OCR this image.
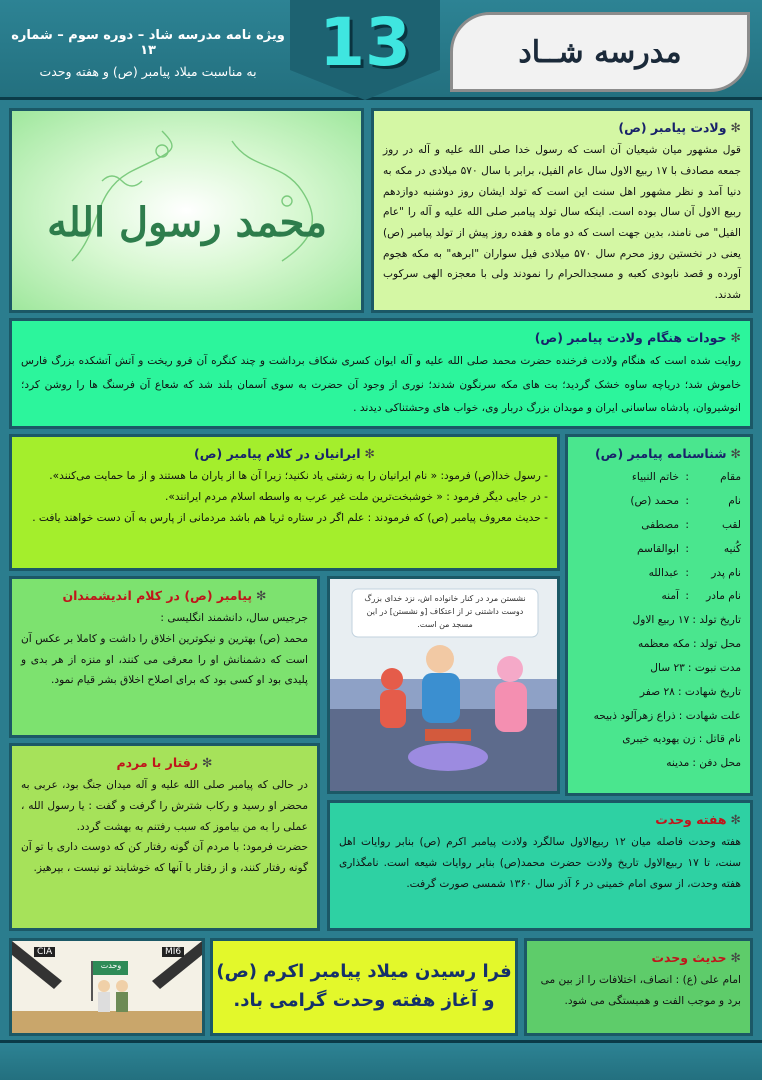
مدرسه شــاد
13
ویژه نامه مدرسه شاد – دوره سوم – شماره ۱۳
به مناسبت میلاد پیامبر (ص) و هفته وحدت
✻ولادت پیامبر (ص)
قول مشهور میان شیعیان آن است که رسول خدا صلی الله علیه و آله در روز جمعه مصادف با ۱۷ ربیع الاول سال عام الفیل، برابر با سال ۵۷۰ میلادی در مکه به دنیا آمد و نظر مشهور اهل سنت این است که تولد ایشان روز دوشنبه دوازدهم ربیع الاول آن سال بوده است. اینکه سال تولد پیامبر صلی الله علیه و آله را "عام الفیل" می نامند، بدین جهت است که دو ماه و هفده روز پیش از تولد پیامبر (ص) یعنی در نخستین روز محرم سال ۵۷۰ میلادی فیل سواران "ابرهه" به مکه هجوم آورده و قصد نابودی کعبه و مسجدالحرام را نمودند ولی با معجزه الهی سرکوب شدند.
محمد رسول الله
✻حودات هنگام ولادت پیامبر (ص)
روایت شده است که هنگام ولادت فرخنده حضرت محمد صلی الله علیه و آله ایوان کسری شکاف برداشت و چند کنگره آن فرو ریخت و آتش آتشکده بزرگ فارس خاموش شد؛ دریاچه ساوه خشک گردید؛ بت های مکه سرنگون شدند؛ نوری از وجود آن حضرت به سوی آسمان بلند شد که شعاع آن فرسنگ ها را روشن کرد؛ انوشیروان، پادشاه ساسانی ایران و موبدان بزرگ دربار وی، خواب های وحشتناکی دیدند .
✻ایرانیان در کلام پیامبر (ص)
- رسول خدا(ص) فرمود: « نام ایرانیان را به زشتی یاد نکنید؛ زیرا آن ها از یاران ما هستند و از ما حمایت می‌کنند».
- در جایی دیگر فرمود : « خوشبخت‌ترین ملت غیر عرب به واسطه اسلام مردم ایرانند».
- حدیث معروف پیامبر (ص) که فرمودند : علم اگر در ستاره ثریا هم باشد مردمانی از پارس به آن دست خواهند یافت .
✻شناسنامه پیامبر (ص)
مقام
:
خاتم النبیاء
نام
:
محمد (ص)
لقب
:
مصطفی
کُنیه
:
ابوالقاسم
نام پدر
:
عبدالله
نام مادر
:
آمنه
تاریخ تولد
:
۱۷ ربیع الاول
محل تولد
:
مکه معظمه
مدت نبوت
:
۲۳ سال
تاریخ شهادت
:
۲۸ صفر
علت شهادت
:
ذراع زهرآلود ذبیحه
نام قاتل
:
زن یهودیه خیبری
محل دفن
:
مدینه
✻پیامبر (ص) در کلام اندیشمندان
جرجیس سال، دانشمند انگلیسی :
محمد (ص) بهترین و نیکوترین اخلاق را داشت و کاملا بر عکس آن است که دشمنانش او را معرفی می کنند، او منزه از هر بدی و پلیدی بود او کسی بود که برای اصلاح اخلاق بشر قیام نمود.
نشستن مرد در کنار خانواده اش، نزد خدای بزرگ دوست داشتنی تر از اعتکاف [و نشستن] در این مسجد من است.
✻رفتار با مردم
در حالی که پیامبر صلی الله علیه و آله میدان جنگ بود، عربی به محضر او رسید و رکاب شترش را گرفت و گفت : یا رسول الله ، عملی را به من بیاموز که سبب رفتنم به بهشت گردد.
حضرت فرمود: با مردم آن گونه رفتار کن که دوست داری با تو آن گونه رفتار کنند، و از رفتار با آنها که خوشایند تو نیست ، بپرهیز.
✻هفته وحدت
هفته وحدت فاصله میان ۱۲ ربیع‌الاول سالگرد ولادت پیامبر اکرم (ص) بنابر روایات اهل سنت، تا ۱۷ ربیع‌الاول تاریخ ولادت حضرت محمد(ص) بنابر روایات شیعه است. نامگذاری هفته وحدت، از سوی امام خمینی در ۶ آذر سال ۱۳۶۰ شمسی صورت گرفت.
CIA	MI6
وحدت	فرا رسیدن میلاد پیامبر اکرم (ص)
و آغاز هفته وحدت گرامی باد.
✻حدیث وحدت
امام علی (ع) : انصاف، اختلافات را از بین می برد و موجب الفت و همبستگی می شود.
